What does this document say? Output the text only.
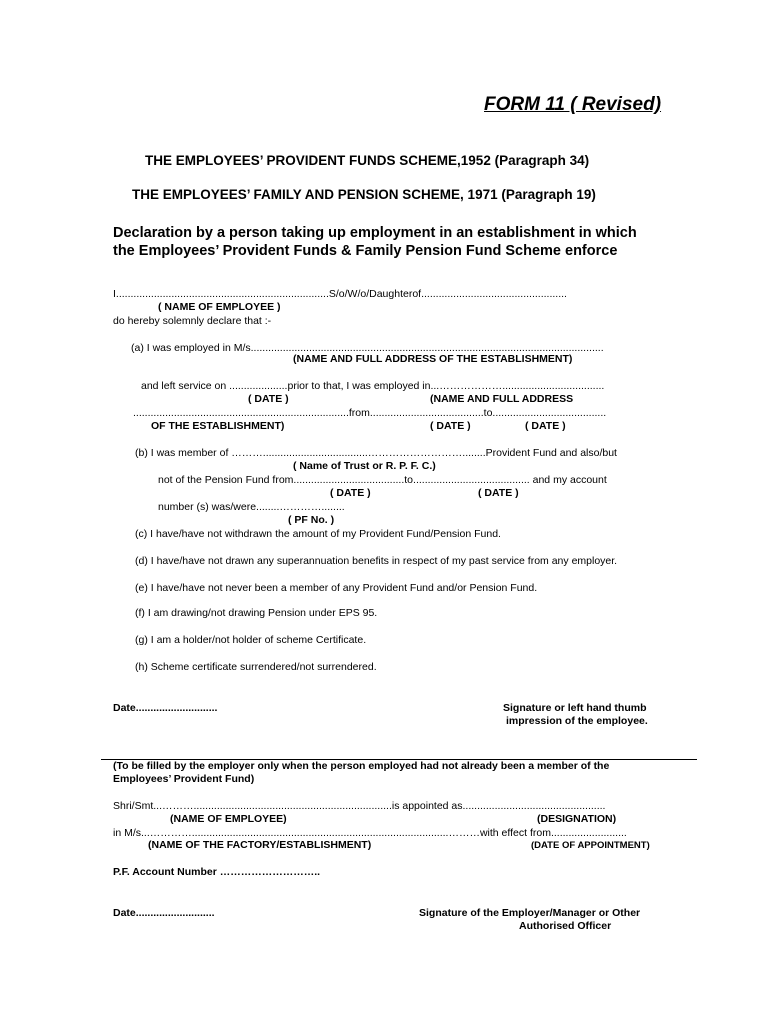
FORM 11 ( Revised)
THE EMPLOYEES’ PROVIDENT FUNDS SCHEME,1952 (Paragraph 34)
THE EMPLOYEES’ FAMILY AND PENSION SCHEME, 1971 (Paragraph 19)
Declaration by a person taking up employment in an establishment in which
the Employees’ Provident Funds & Family Pension Fund Scheme enforce
I.........................................................................S/o/W/o/Daughterof..................................................
( NAME OF EMPLOYEE )
do hereby solemnly declare that :-
(a) I was employed in M/s.........................................................................................................................
(NAME AND FULL ADDRESS OF THE ESTABLISHMENT)
and left service on ....................prior to that, I was employed in...………………...................................
( DATE )	(NAME AND FULL ADDRESS
..........................................................................from.......................................to.......................................
OF THE ESTABLISHMENT)	( DATE )	( DATE )
(b) I was member of ………....................................………………………........Provident Fund and also/but
( Name of Trust or R. P. F. C.)
not of the Pension Fund from......................................to........................................ and my account
( DATE )	( DATE )
number (s) was/were........…………........
( PF No. )
(c) I have/have not withdrawn the amount of my Provident Fund/Pension Fund.
(d) I have/have not drawn any superannuation benefits in respect of my past service from any employer.
(e) I have/have not never been a member of any Provident Fund and/or Pension Fund.
(f) I am drawing/not drawing Pension under EPS 95.
(g) I am a holder/not holder of scheme Certificate.
(h) Scheme certificate surrendered/not surrendered.
Date............................	Signature or left hand thumb
impression of the employee.
(To be filled by the employer only when the person employed had not already been a member of the
Employees’ Provident Fund)
Shri/Smt...………....................................................................is appointed as.................................................
(NAME OF EMPLOYEE)	(DESIGNATION)
in M/s...…………........................................................................................………with effect from..........................
(NAME OF THE FACTORY/ESTABLISHMENT)	(DATE OF APPOINTMENT)
P.F. Account Number ………………………..
Date...........................	Signature of the Employer/Manager or Other
Authorised Officer
